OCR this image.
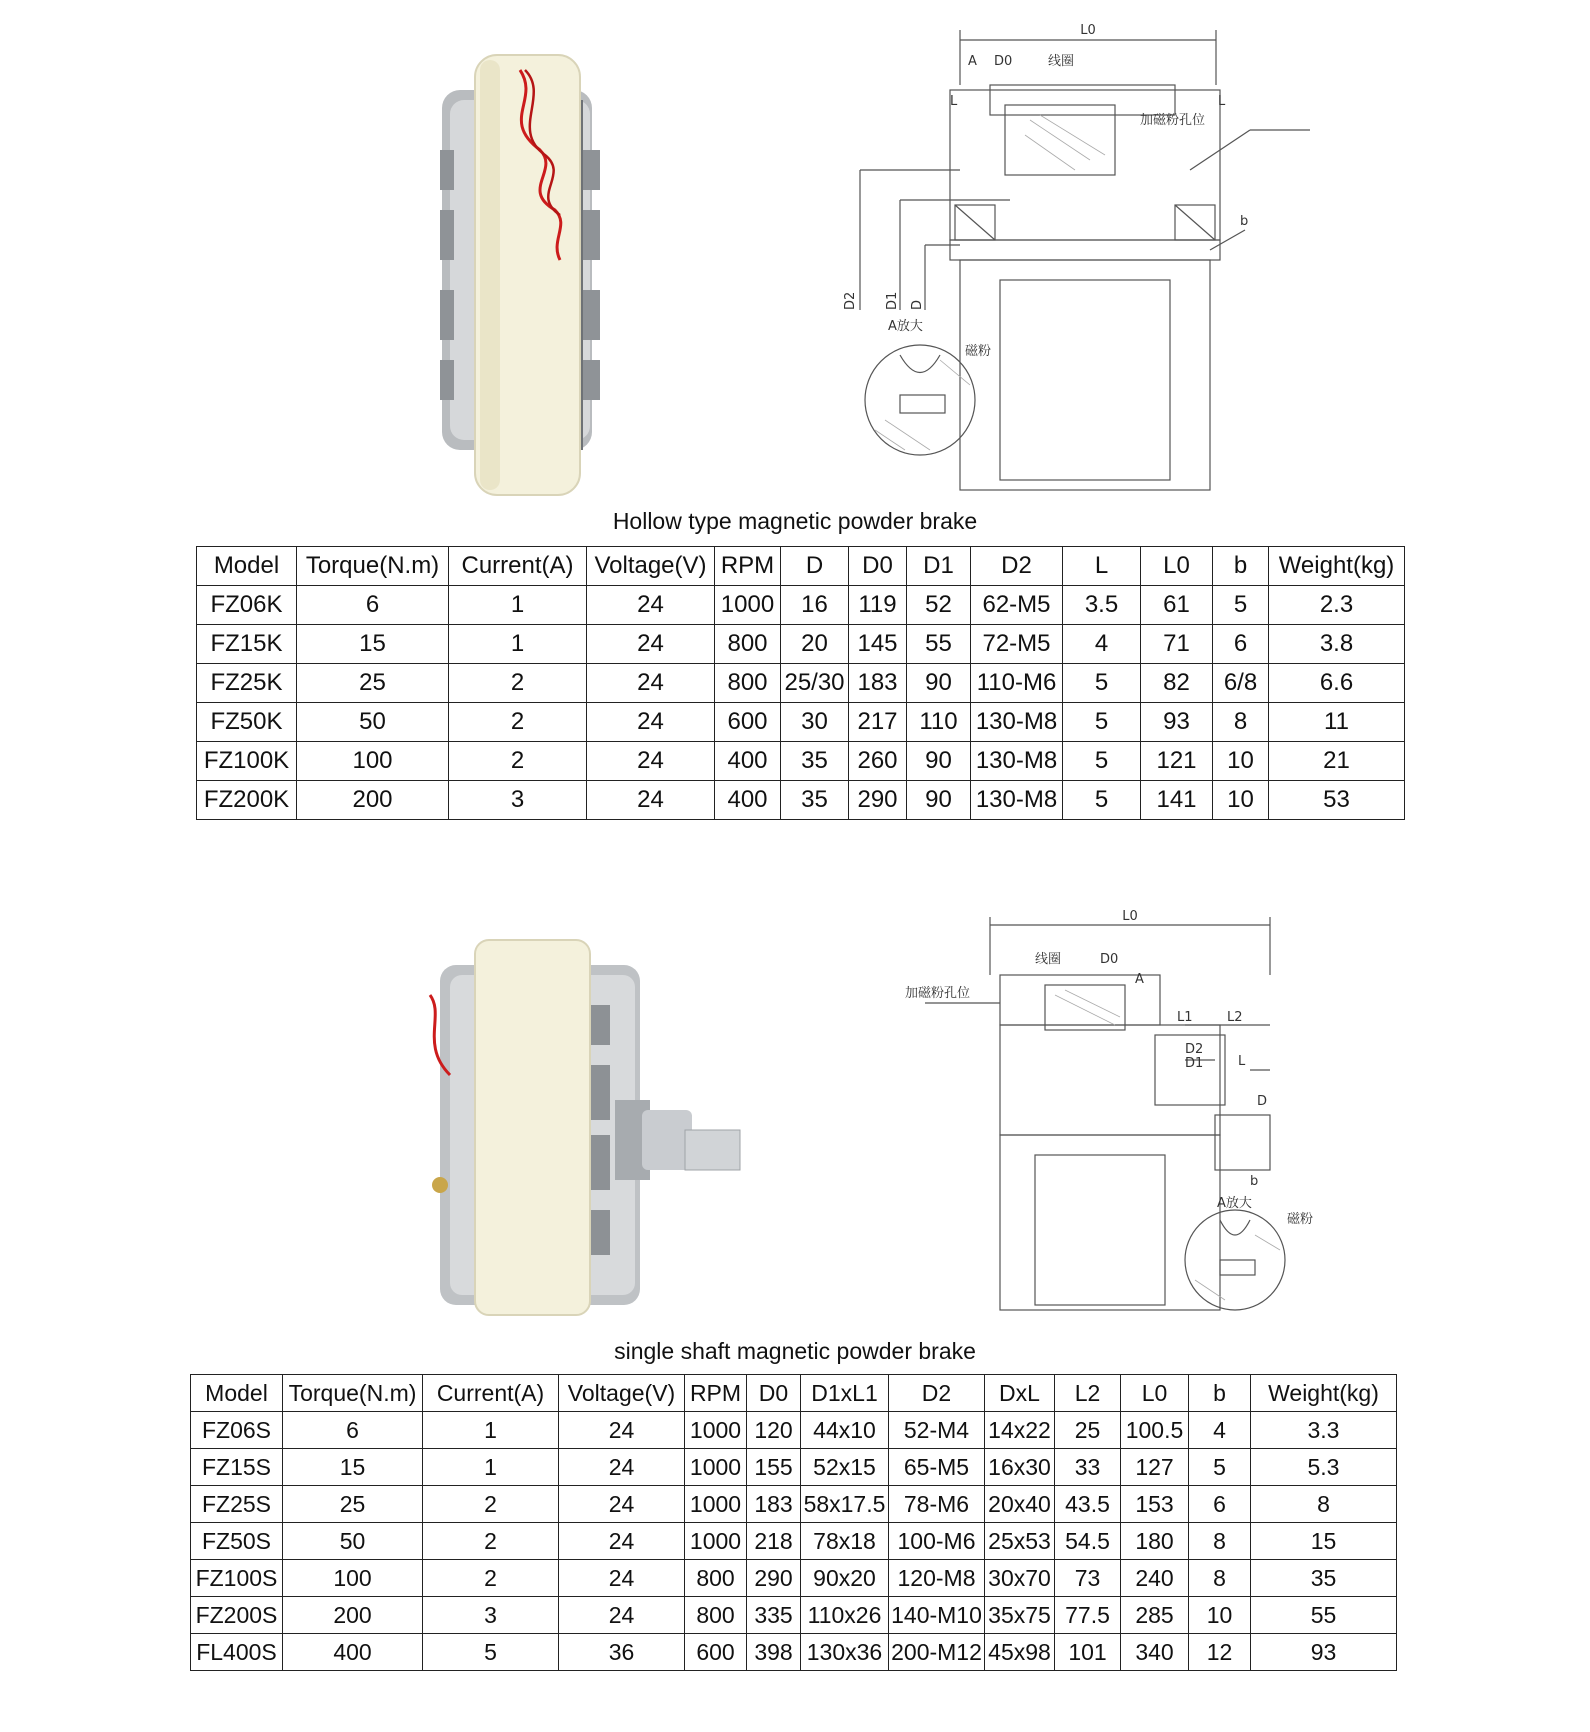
L0
A D0	线圈
L	L
加磁粉孔位
b
D2 D1 D
A放大
磁粉
Hollow type magnetic powder brake
Model	Torque(N.m)	Current(A)	Voltage(V)	RPM	D	D0	D1	D2	L	L0	b	Weight(kg)
FZ06K	6	1	24	1000	16	119	52	62-M5	3.5	61	5	2.3
FZ15K	15	1	24	800	20	145	55	72-M5	4	71	6	3.8
FZ25K	25	2	24	800	25/30	183	90	110-M6	5	82	6/8	6.6
FZ50K	50	2	24	600	30	217	110	130-M8	5	93	8	11
FZ100K	100	2	24	400	35	260	90	130-M8	5	121	10	21
FZ200K	200	3	24	400	35	290	90	130-M8	5	141	10	53
L0
线圈	D0
A
加磁粉孔位
L1	L2
D2
D1	L
D
b
A放大
磁粉
single shaft magnetic powder brake
Model	Torque(N.m)	Current(A)	Voltage(V)	RPM	D0	D1xL1	D2	DxL	L2	L0	b	Weight(kg)
FZ06S	6	1	24	1000	120	44x10	52-M4	14x22	25	100.5	4	3.3
FZ15S	15	1	24	1000	155	52x15	65-M5	16x30	33	127	5	5.3
FZ25S	25	2	24	1000	183	58x17.5	78-M6	20x40	43.5	153	6	8
FZ50S	50	2	24	1000	218	78x18	100-M6	25x53	54.5	180	8	15
FZ100S	100	2	24	800	290	90x20	120-M8	30x70	73	240	8	35
FZ200S	200	3	24	800	335	110x26	140-M10	35x75	77.5	285	10	55
FL400S	400	5	36	600	398	130x36	200-M12	45x98	101	340	12	93
